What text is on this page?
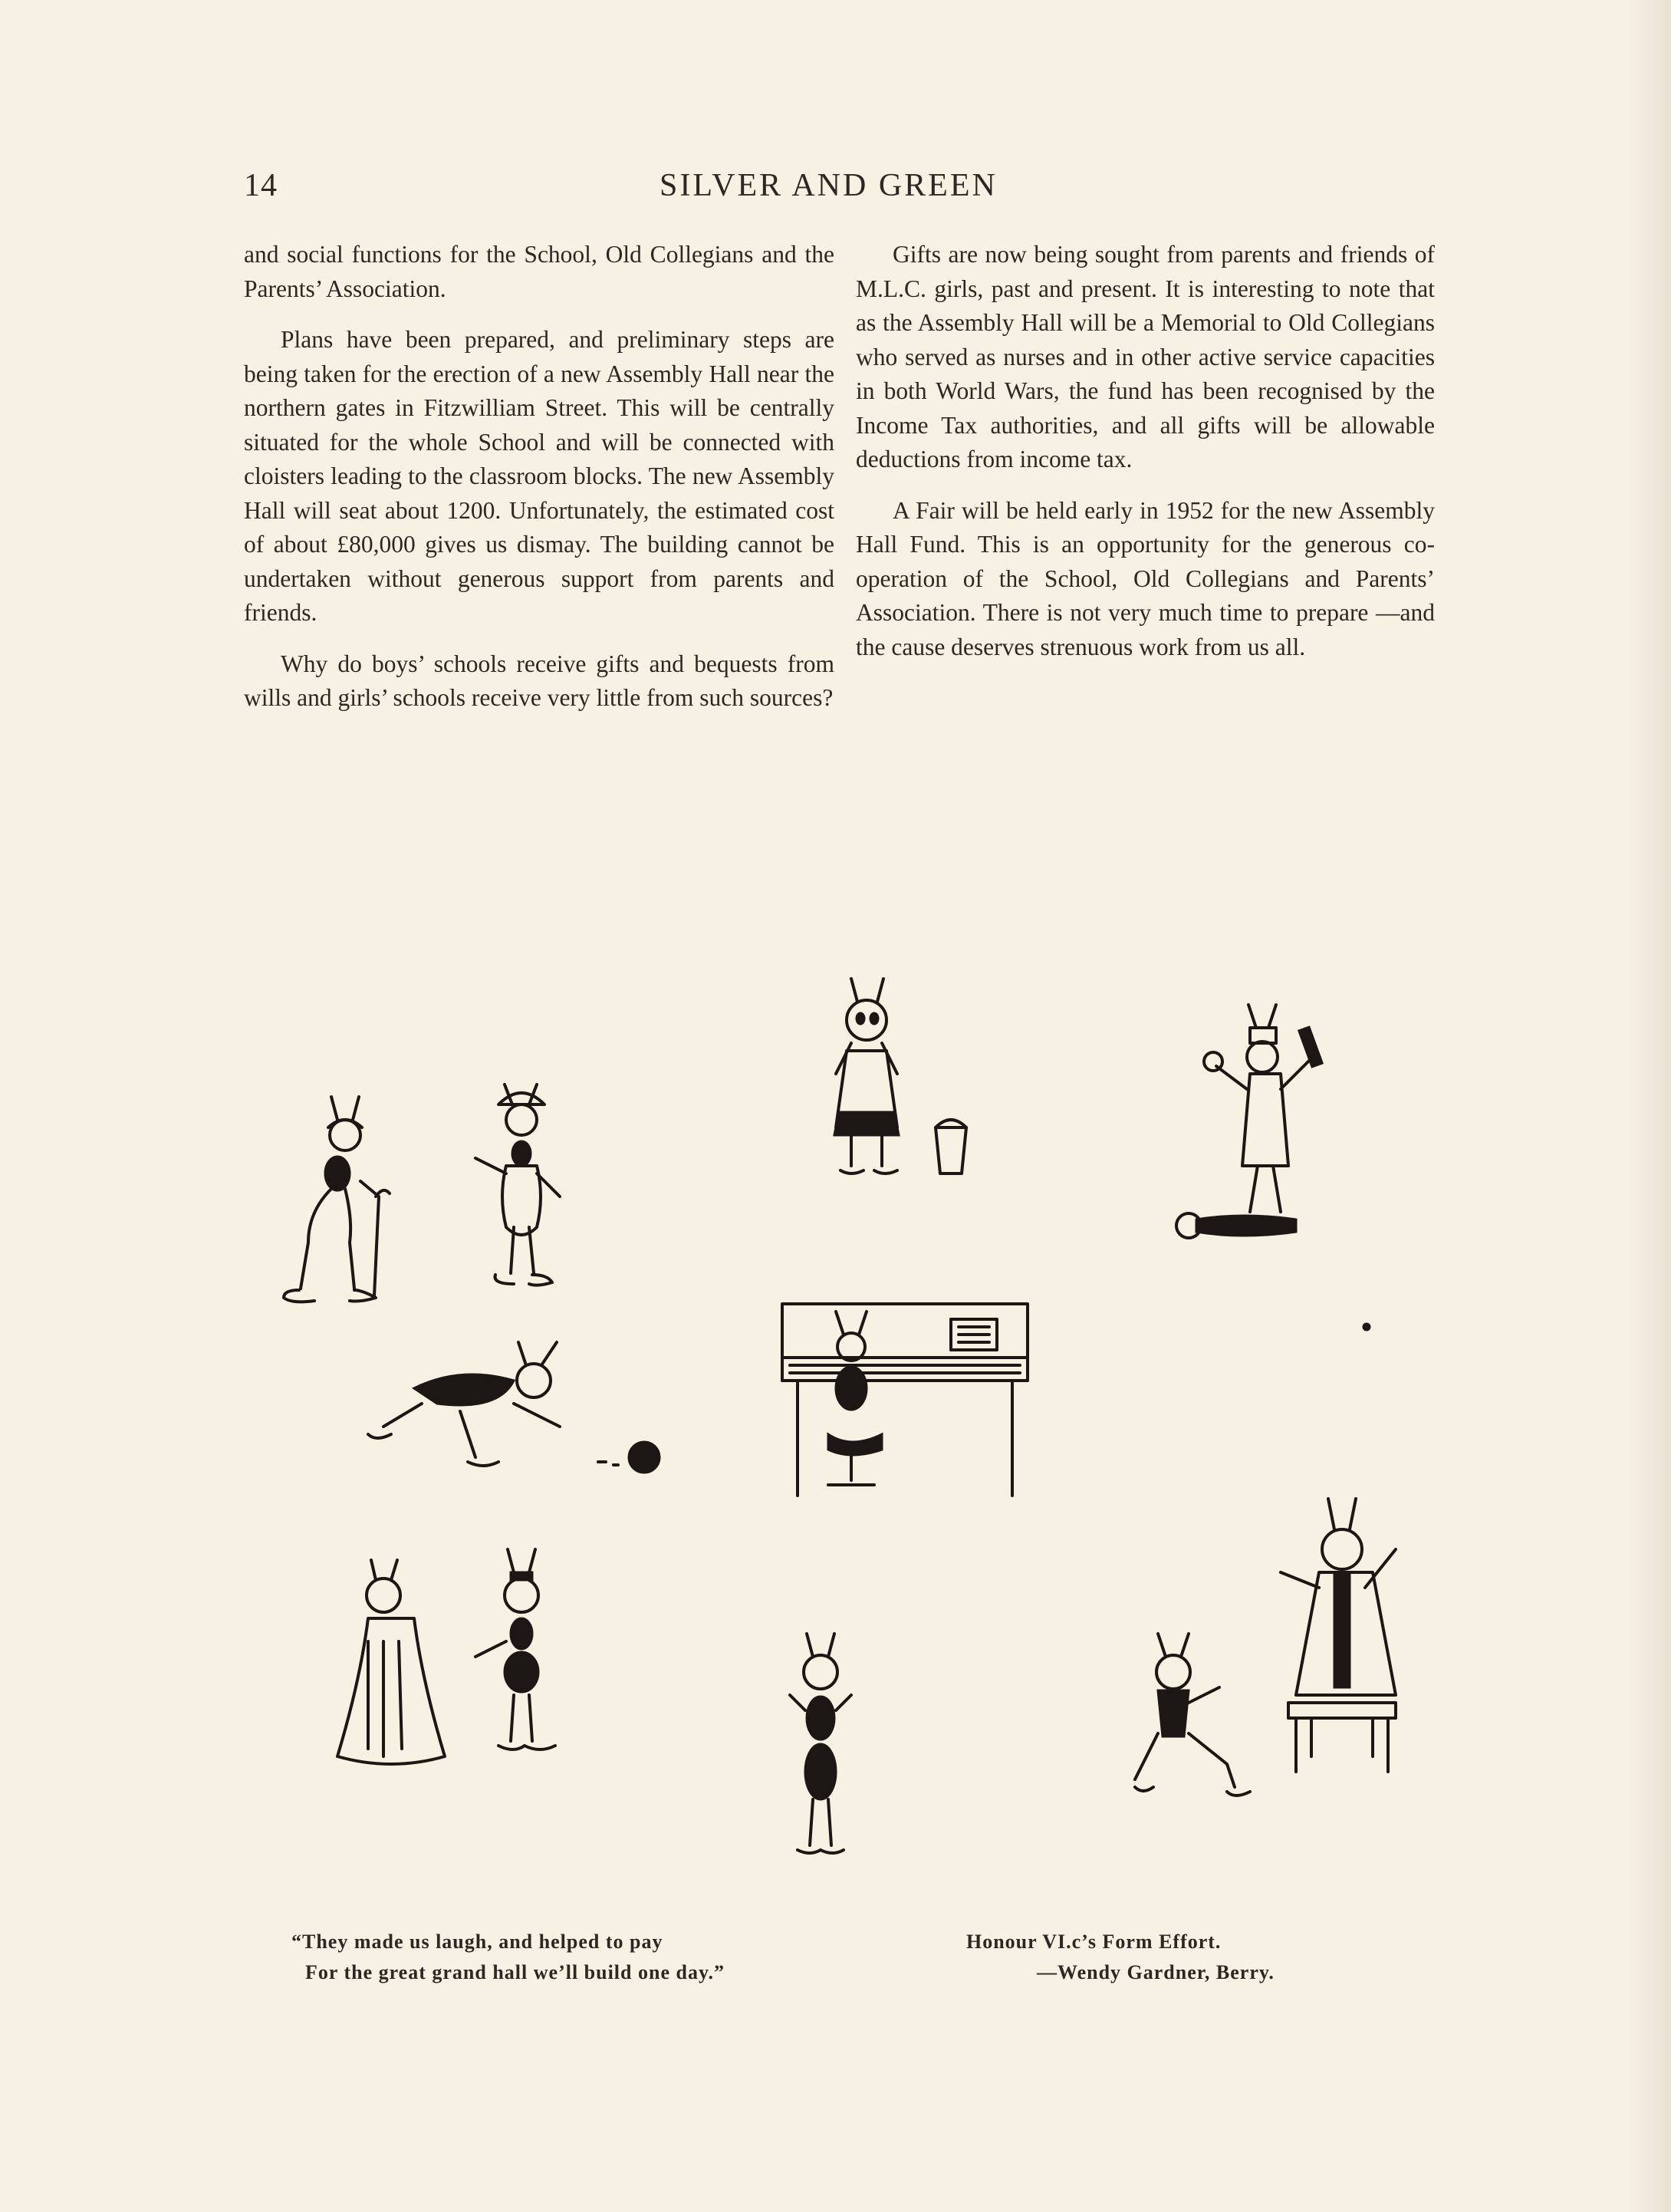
14	SILVER AND GREEN

and social functions for the School, Old Collegians and the Parents’ Association.

Plans have been prepared, and preliminary steps are being taken for the erection of a new Assembly Hall near the northern gates in Fitzwilliam Street. This will be centrally situated for the whole School and will be connected with cloisters leading to the classroom blocks. The new Assembly Hall will seat about 1200. Unfortunately, the estimated cost of about £80,000 gives us dismay. The building cannot be undertaken without generous support from parents and friends.

Why do boys’ schools receive gifts and bequests from wills and girls’ schools receive very little from such sources?

Gifts are now being sought from parents and friends of M.L.C. girls, past and present. It is interesting to note that as the Assembly Hall will be a Memorial to Old Collegians who served as nurses and in other active service capacities in both World Wars, the fund has been recognised by the Income Tax authorities, and all gifts will be allowable deductions from income tax.

A Fair will be held early in 1952 for the new Assembly Hall Fund. This is an opportunity for the generous co-operation of the School, Old Collegians and Parents’ Association. There is not very much time to prepare —and the cause deserves strenuous work from us all.

“They made us laugh, and helped to pay
For the great grand hall we’ll build one day.”
Honour VI.c’s Form Effort.
—Wendy Gardner, Berry.
